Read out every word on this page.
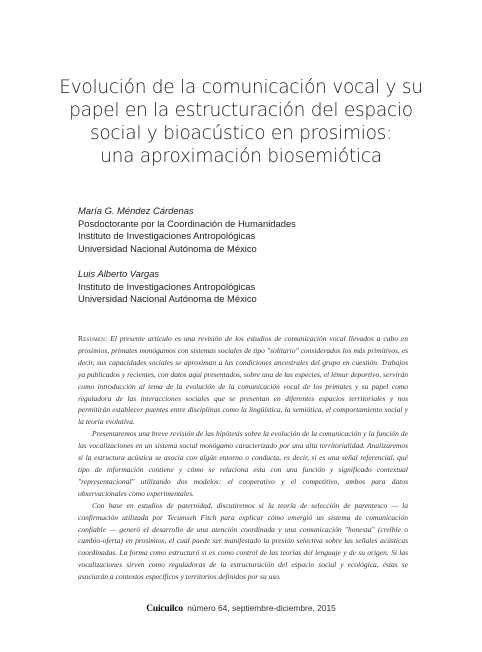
Evolución de la comunicación vocal y su
papel en la estructuración del espacio
social y bioacústico en prosimios:
una aproximación biosemiótica
María G. Méndez Cárdenas
Posdoctorante por la Coordinación de Humanidades
Instituto de Investigaciones Antropológicas
Universidad Nacional Autónoma de México
Luis Alberto Vargas
Instituto de Investigaciones Antropológicas
Universidad Nacional Autónoma de México

Resumen: El presente artículo es una revisión de los estudios de comunicación vocal llevados a cabo en prosimios, primates monógamos con sistemas sociales de tipo "solitario" considerados los más primitivos, es decir, sus capacidades sociales se aproximan a las condiciones ancestrales del grupo en cuestión. Trabajos ya publicados y recientes, con datos aquí presentados, sobre una de las especies, el lémur deportivo, servirán como introducción al tema de la evolución de la comunicación vocal de los primates y su papel como reguladora de las interacciones sociales que se presentan en diferentes espacios territoriales y nos permitirán establecer puentes entre disciplinas como la lingüística, la semiótica, el comportamiento social y la teoría evolutiva.

Presentaremos una breve revisión de las hipótesis sobre la evolución de la comunicación y la función de las vocalizaciones en un sistema social monógamo caracterizado por una alta territorialidad. Analizaremos si la estructura acústica se asocia con algún entorno o conducta, es decir, si es una señal referencial, qué tipo de información contiene y cómo se relaciona esta con una función y significado contextual "representacional" utilizando dos modelos: el cooperativo y el competitivo, ambos para datos observacionales como experimentales.

Con base en estudios de paternidad, discutiremos si la teoría de selección de parentesco — la confirmación utilizada por Tecumseh Fitch para explicar cómo emergió un sistema de comunicación confiable — generó el desarrollo de una atención coordinada y una comunicación "honesta" (creíble o cambio-oferta) en prosimios, el cual puede ser manifestado la presión selectiva sobre las señales acústicas coordinadas. La forma como estructuró si es como control de las teorías del lenguaje y de su origen. Si las vocalizaciones sirven como reguladoras de la estructuración del espacio social y ecológica, éstas se asociarán a contextos específicos y territorios definidos por su uso.

Cuicuilco número 64, septiembre-diciembre, 2015
